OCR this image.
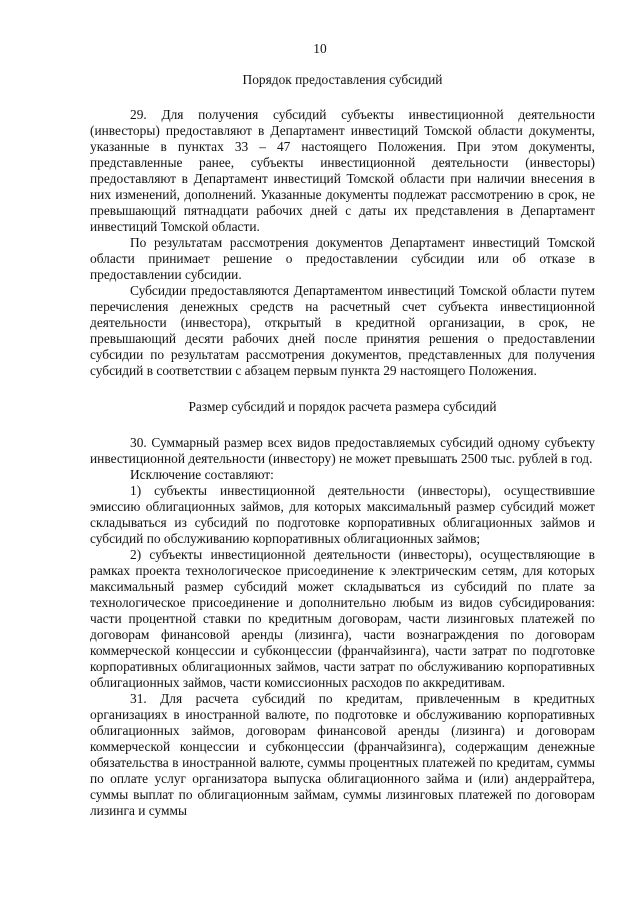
10
Порядок предоставления субсидий

29. Для получения субсидий субъекты инвестиционной деятельности (инвесторы) предоставляют в Департамент инвестиций Томской области документы, указанные в пунктах 33 – 47 настоящего Положения. При этом документы, представленные ранее, субъекты инвестиционной деятельности (инвесторы) предоставляют в Департамент инвестиций Томской области при наличии внесения в них изменений, дополнений. Указанные документы подлежат рассмотрению в срок, не превышающий пятнадцати рабочих дней с даты их представления в Департамент инвестиций Томской области.

По результатам рассмотрения документов Департамент инвестиций Томской области принимает решение о предоставлении субсидии или об отказе в предоставлении субсидии.

Субсидии предоставляются Департаментом инвестиций Томской области путем перечисления денежных средств на расчетный счет субъекта инвестиционной деятельности (инвестора), открытый в кредитной организации, в срок, не превышающий десяти рабочих дней после принятия решения о предоставлении субсидии по результатам рассмотрения документов, представленных для получения субсидий в соответствии с абзацем первым пункта 29 настоящего Положения.

Размер субсидий и порядок расчета размера субсидий

30. Суммарный размер всех видов предоставляемых субсидий одному субъекту инвестиционной деятельности (инвестору) не может превышать 2500 тыс. рублей в год.

Исключение составляют:

1) субъекты инвестиционной деятельности (инвесторы), осуществившие эмиссию облигационных займов, для которых максимальный размер субсидий может складываться из субсидий по подготовке корпоративных облигационных займов и субсидий по обслуживанию корпоративных облигационных займов;

2) субъекты инвестиционной деятельности (инвесторы), осуществляющие в рамках проекта технологическое присоединение к электрическим сетям, для которых максимальный размер субсидий может складываться из субсидий по плате за технологическое присоединение и дополнительно любым из видов субсидирования: части процентной ставки по кредитным договорам, части лизинговых платежей по договорам финансовой аренды (лизинга), части вознаграждения по договорам коммерческой концессии и субконцессии (франчайзинга), части затрат по подготовке корпоративных облигационных займов, части затрат по обслуживанию корпоративных облигационных займов, части комиссионных расходов по аккредитивам.

31. Для расчета субсидий по кредитам, привлеченным в кредитных организациях в иностранной валюте, по подготовке и обслуживанию корпоративных облигационных займов, договорам финансовой аренды (лизинга) и договорам коммерческой концессии и субконцессии (франчайзинга), содержащим денежные обязательства в иностранной валюте, суммы процентных платежей по кредитам, суммы по оплате услуг организатора выпуска облигационного займа и (или) андеррайтера, суммы выплат по облигационным займам, суммы лизинговых платежей по договорам лизинга и суммы
